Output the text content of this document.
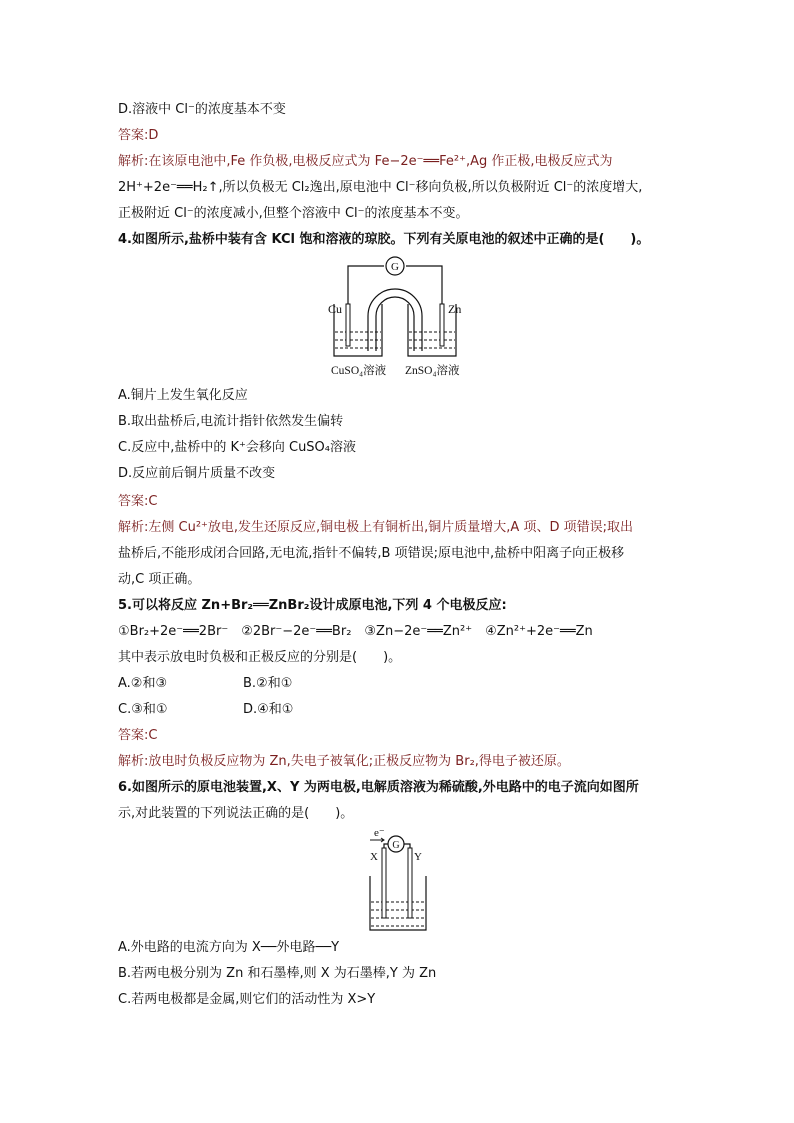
D.溶液中 Cl⁻的浓度基本不变
答案:D
解析:在该原电池中,Fe 作负极,电极反应式为 Fe−2e⁻══Fe²⁺,Ag 作正极,电极反应式为
2H⁺+2e⁻══H₂↑,所以负极无 Cl₂逸出,原电池中 Cl⁻移向负极,所以负极附近 Cl⁻的浓度增大,
正极附近 Cl⁻的浓度减小,但整个溶液中 Cl⁻的浓度基本不变。
4.如图所示,盐桥中装有含 KCl 饱和溶液的琼胶。下列有关原电池的叙述中正确的是(　　)。
G
Cu	Zn
CuSO₄溶液 ZnSO₄溶液
A.铜片上发生氧化反应
B.取出盐桥后,电流计指针依然发生偏转
C.反应中,盐桥中的 K⁺会移向 CuSO₄溶液
D.反应前后铜片质量不改变
答案:C
解析:左侧 Cu²⁺放电,发生还原反应,铜电极上有铜析出,铜片质量增大,A 项、D 项错误;取出
盐桥后,不能形成闭合回路,无电流,指针不偏转,B 项错误;原电池中,盐桥中阳离子向正极移
动,C 项正确。
5.可以将反应 Zn+Br₂══ZnBr₂设计成原电池,下列 4 个电极反应:
①Br₂+2e⁻══2Br⁻　②2Br⁻−2e⁻══Br₂　③Zn−2e⁻══Zn²⁺　④Zn²⁺+2e⁻══Zn
其中表示放电时负极和正极反应的分别是(　　)。
A.②和③	B.②和①
C.③和①	D.④和①
答案:C
解析:放电时负极反应物为 Zn,失电子被氧化;正极反应物为 Br₂,得电子被还原。
6.如图所示的原电池装置,X、Y 为两电极,电解质溶液为稀硫酸,外电路中的电子流向如图所
示,对此装置的下列说法正确的是(　　)。
e⁻
G
X	Y
A.外电路的电流方向为 X──外电路──Y
B.若两电极分别为 Zn 和石墨棒,则 X 为石墨棒,Y 为 Zn
C.若两电极都是金属,则它们的活动性为 X>Y
